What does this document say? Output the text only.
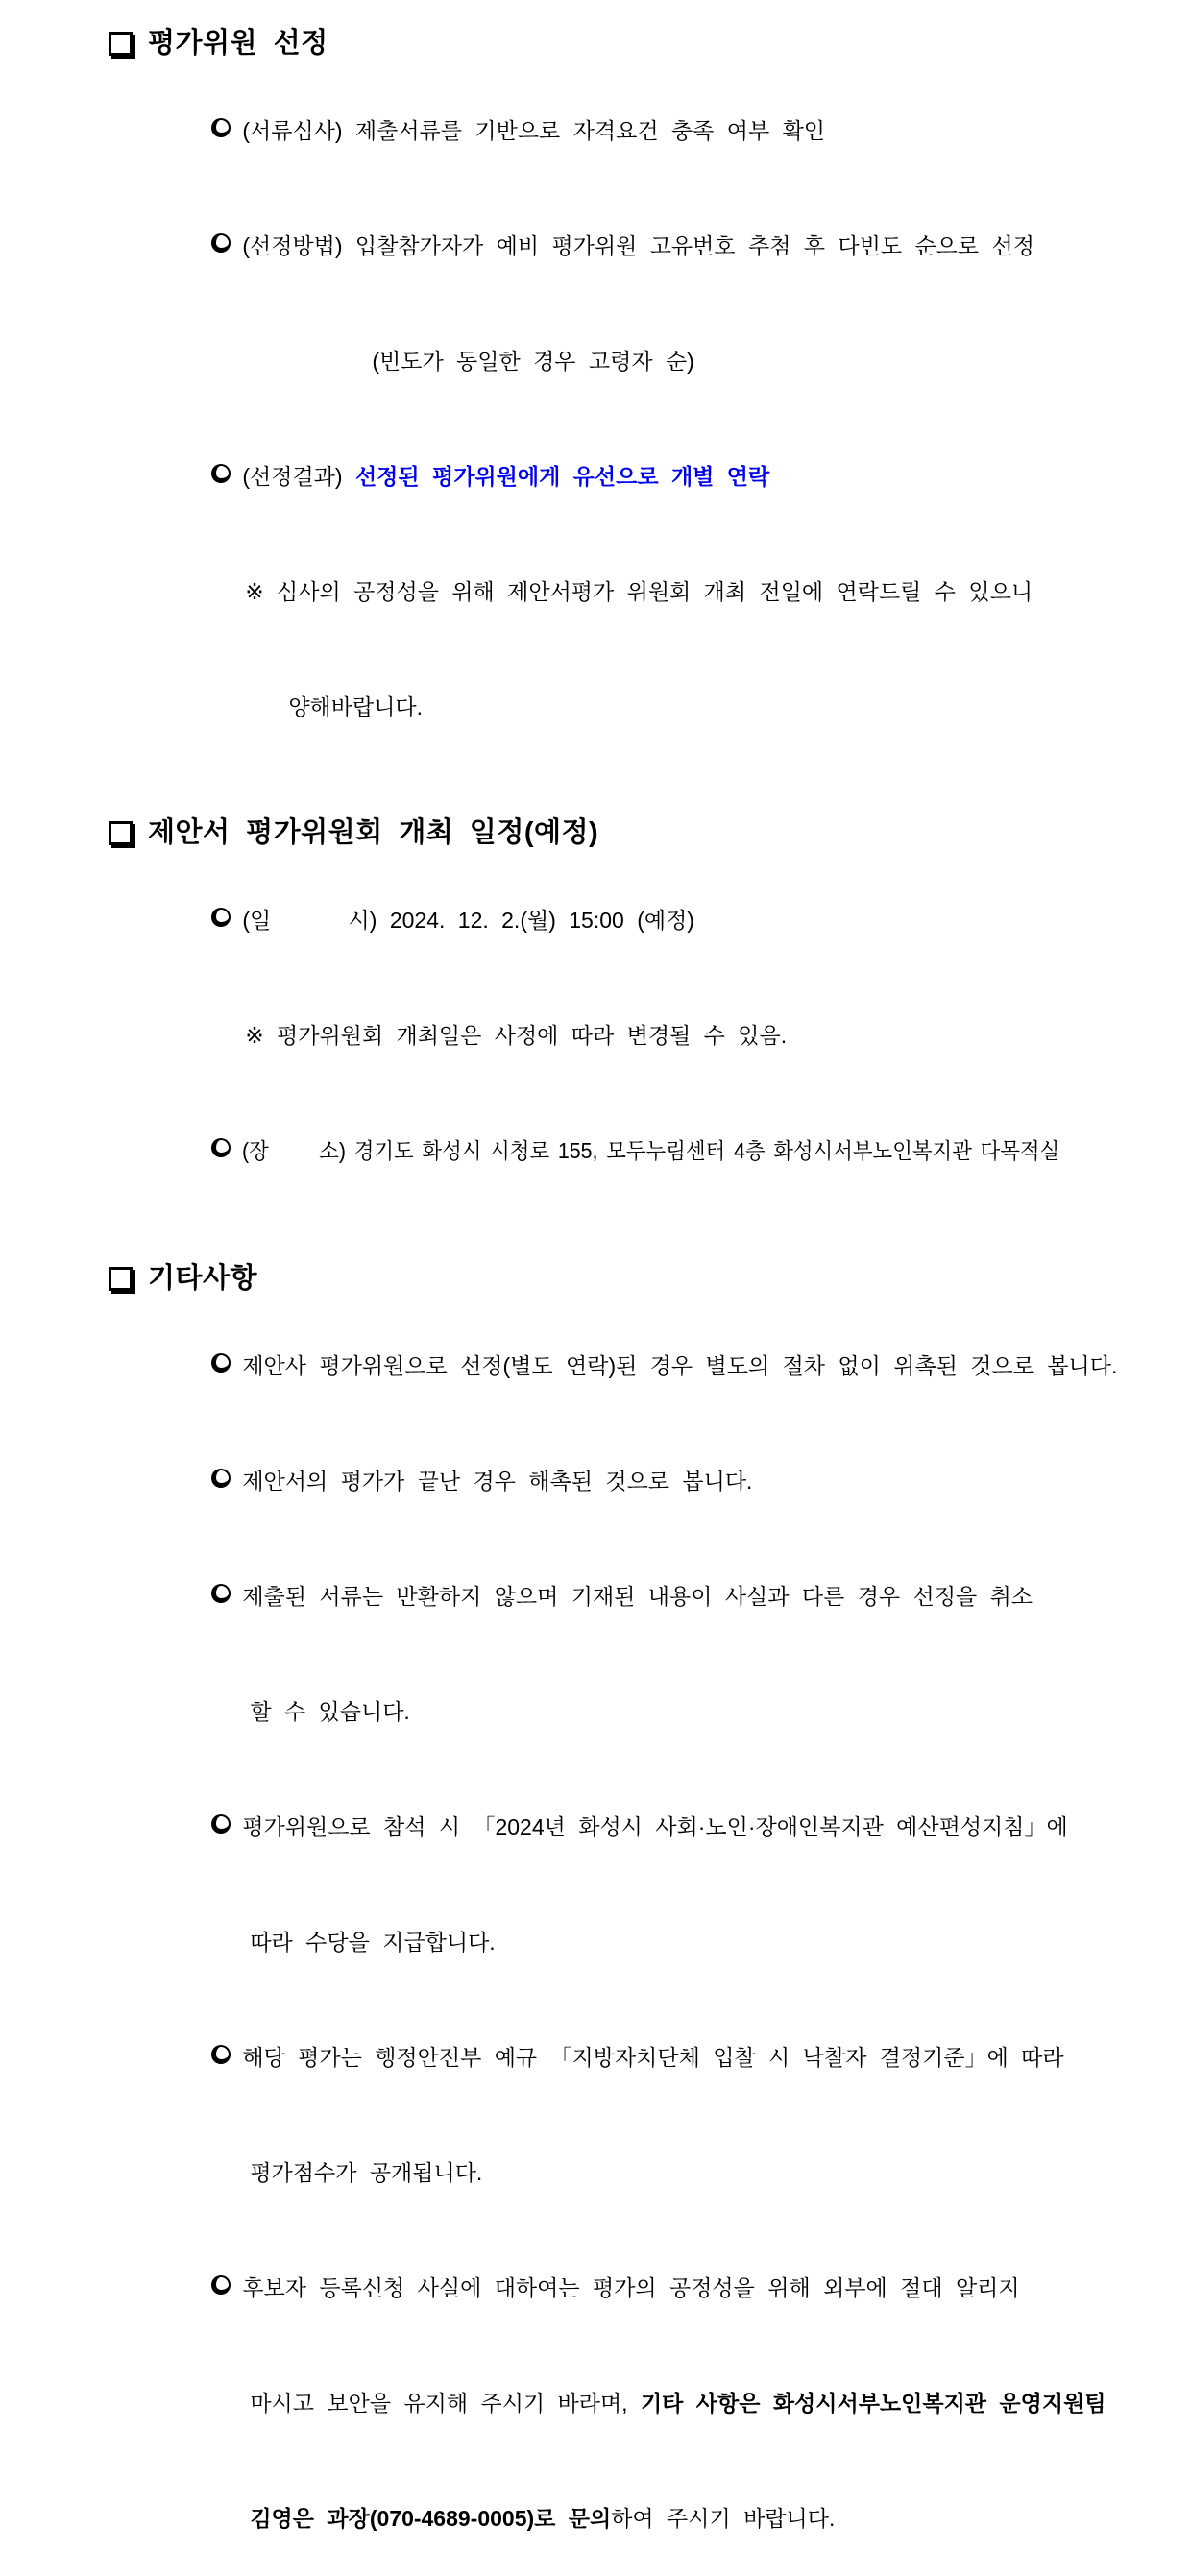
평가위원 선정

(서류심사) 제출서류를 기반으로 자격요건 충족 여부 확인

(선정방법) 입찰참가자가 예비 평가위원 고유번호 추첨 후 다빈도 순으로 선정

(빈도가 동일한 경우 고령자 순)

(선정결과) 선정된 평가위원에게 유선으로 개별 연락

※ 심사의 공정성을 위해 제안서평가 위원회 개최 전일에 연락드릴 수 있으니

양해바랍니다.

제안서 평가위원회 개최 일정(예정)

(일      시) 2024. 12. 2.(월) 15:00 (예정)

※ 평가위원회 개최일은 사정에 따라 변경될 수 있음.

(장      소) 경기도 화성시 시청로 155, 모두누림센터 4층 화성시서부노인복지관 다목적실

기타사항

제안사 평가위원으로 선정(별도 연락)된 경우 별도의 절차 없이 위촉된 것으로 봅니다.

제안서의 평가가 끝난 경우 해촉된 것으로 봅니다.

제출된 서류는 반환하지 않으며 기재된 내용이 사실과 다른 경우 선정을 취소

할 수 있습니다.

평가위원으로 참석 시 「2024년 화성시 사회·노인·장애인복지관 예산편성지침」에

따라 수당을 지급합니다.

해당 평가는 행정안전부 예규 「지방자치단체 입찰 시 낙찰자 결정기준」에 따라

평가점수가 공개됩니다.

후보자 등록신청 사실에 대하여는 평가의 공정성을 위해 외부에 절대 알리지

마시고 보안을 유지해 주시기 바라며, 기타 사항은 화성시서부노인복지관 운영지원팀

김영은 과장(070-4689-0005)로 문의하여 주시기 바랍니다.
